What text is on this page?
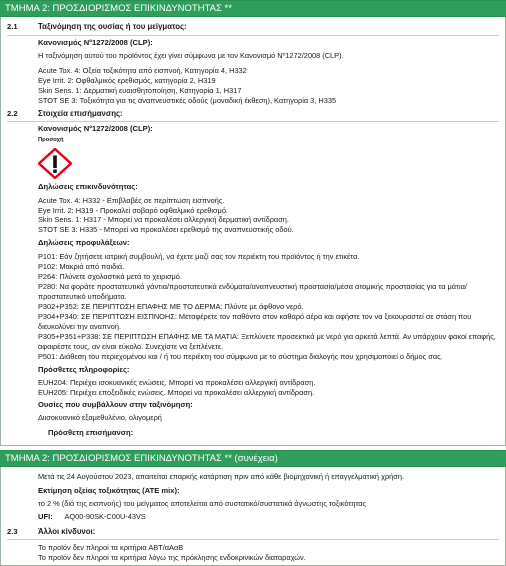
ΤΜΗΜΑ 2: ΠΡΟΣΔΙΟΡΙΣΜΟΣ ΕΠΙΚΙΝΔΥΝΟΤΗΤΑΣ **
2.1	Ταξινόμηση της ουσίας ή του μείγματος:
Κανονισμός Nº1272/2008 (CLP):
Η ταξινόμηση αυτού του προϊόντος έχει γίνει σύμφωνα με τον Κανονισμό Nº1272/2008 (CLP).
Acute Tox. 4: Οξεία τοξικότητα από εισπνοή, Κατηγορία 4, H332
Eye Irrit. 2: Οφθαλμικός ερεθισμός, κατηγορία 2, H319
Skin Sens. 1: Δερματική ευαισθητοποίηση, Κατηγορία 1, H317
STOT SE 3: Τοξικότητα για τις αναπνευστικές οδούς (μοναδική έκθεση), Κατηγορία 3, H335
2.2	Στοιχεία επισήμανσης:
Κανονισμός Nº1272/2008 (CLP):
Προσοχή
Δηλώσεις επικινδυνότητας:
Acute Tox. 4: H332 - Επιβλαβές σε περίπτωση εισπνοής.
Eye Irrit. 2: H319 - Προκαλεί σοβαρό οφθαλμικό ερεθισμό.
Skin Sens. 1: H317 - Μπορεί να προκαλέσει αλλεργική δερματική αντίδραση.
STOT SE 3: H335 - Μπορεί να προκαλέσει ερεθισμό της αναπνευστικής οδού.
Δηλώσεις προφυλάξεων:
P101: Εάν ζητήσετε ιατρική συμβουλή, να έχετε μαζί σας τον περιέκτη του προϊόντος ή την ετικέτα.
P102: Μακριά από παιδιά.
P264: Πλύνετε σχολαστικά μετά το χειρισμό.
P280: Να φοράτε προστατευτικά γάντια/προστατευτικά ενδύματα/αναπνευστική προστασία/μέσα ατομικής προστασίας για τα μάτια/προστατευτικό υποδήματα.
P302+P352: ΣΕ ΠΕΡΙΠΤΩΣΗ ΕΠΑΦΗΣ ΜΕ ΤΟ ΔΕΡΜΑ: Πλύντε με άφθονο νερό.
P304+P340: ΣΕ ΠΕΡΙΠΤΩΣΗ ΕΙΣΠΝΟΗΣ: Μεταφέρετε τον παθόντα στον καθαρό αέρα και αφήστε τον να ξεκουραστεί σε στάση που διευκολύνει την αναπνοή.
P305+P351+P338: ΣΕ ΠΕΡΙΠΤΩΣΗ ΕΠΑΦΗΣ ΜΕ ΤΑ ΜΑΤΙΑ: Ξεπλύνετε προσεκτικά με νερό για αρκετά λεπτά. Αν υπάρχουν φακοί επαφής, αφαιρέστε τους, αν είναι εύκολο. Συνεχίστε να ξεπλένετε.
P501: Διάθεση του περιεχομένου και / ή του περιέκτη του σύμφωνα με το σύστημα διαλογής που χρησιμοποιεί ο δήμος σας.
Πρόσθετες πληροφορίες:
EUH204: Περιέχει ισοκυανικές ενώσεις. Μπορεί να προκαλέσει αλλεργική αντίδραση.
EUH205: Περιέχει εποξειδικές ενώσεις. Μπορεί να προκαλέσει αλλεργική αντίδραση.
Ουσίες που συμβάλλουν στην ταξινόμηση:
Διισοκυανικό εξαμεθυλένιο, ολιγομερή
Πρόσθετη επισήμανση:
ΤΜΗΜΑ 2: ΠΡΟΣΔΙΟΡΙΣΜΟΣ ΕΠΙΚΙΝΔΥΝΟΤΗΤΑΣ ** (συνέχεια)
Μετά τις 24 Αυγούστου 2023, απαιτείται επαρκής κατάρτιση πριν από κάθε βιομηχανική ή επαγγελματική χρήση.
Εκτίμηση οξείας τοξικότητας (ATE mix):
το 2 % (διά της εισπνοής) του μείγματος αποτελείται από συστατικό/συστατικά άγνωστης τοξικότητας
UFI: AQ00-90SK-C00U-43VS
2.3	Άλλοι κίνδυνοι:
Το προϊόν δεν πληροί τα κριτήρια ΑΒΤ/αΑαΒ
Το προϊόν δεν πληροί τα κριτήρια λόγω της πρόκλησης ενδοκρινικών διαταραχών.
